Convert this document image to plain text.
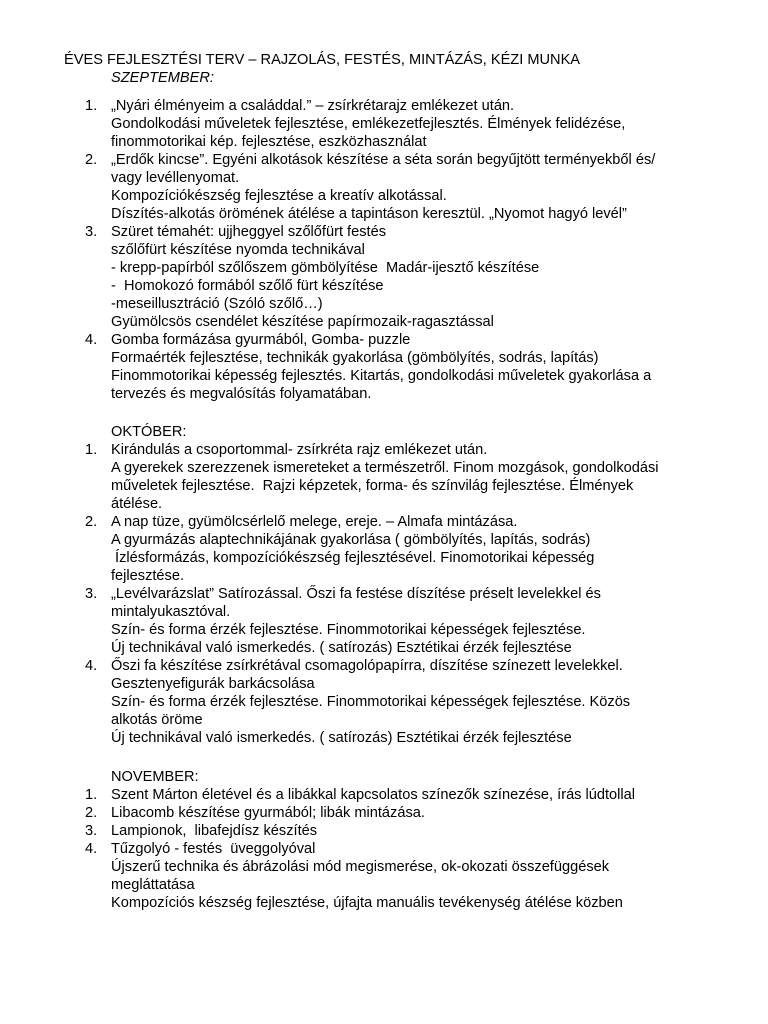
ÉVES FEJLESZTÉSI TERV – RAJZOLÁS, FESTÉS, MINTÁZÁS, KÉZI MUNKA
SZEPTEMBER:
1. „Nyári élményeim a családdal.” – zsírkrétarajz emlékezet után.
Gondolkodási műveletek fejlesztése, emlékezetfejlesztés. Élmények felidézése,
finommotorikai kép. fejlesztése, eszközhasználat
2. „Erdők kincse”. Egyéni alkotások készítése a séta során begyűjtött terményekből és/
vagy levéllenyomat.
Kompozíciókészség fejlesztése a kreatív alkotással.
Díszítés-alkotás örömének átélése a tapintáson keresztül. „Nyomot hagyó levél”
3. Szüret témahét: ujjheggyel szőlőfürt festés
szőlőfürt készítése nyomda technikával
- krepp-papírból szőlőszem gömbölyítése  Madár-ijesztő készítése
-  Homokozó formából szőlő fürt készítése
-meseillusztráció (Szóló szőlő…)
Gyümölcsös csendélet készítése papírmozaik-ragasztással
4. Gomba formázása gyurmából, Gomba- puzzle
Formaérték fejlesztése, technikák gyakorlása (gömbölyítés, sodrás, lapítás)
Finommotorikai képesség fejlesztés. Kitartás, gondolkodási műveletek gyakorlása a
tervezés és megvalósítás folyamatában.
OKTÓBER:
1. Kirándulás a csoportommal- zsírkréta rajz emlékezet után.
A gyerekek szerezzenek ismereteket a természetről. Finom mozgások, gondolkodási
műveletek fejlesztése.  Rajzi képzetek, forma- és színvilág fejlesztése. Élmények
átélése.
2. A nap tüze, gyümölcsérlelő melege, ereje. – Almafa mintázása.
A gyurmázás alaptechnikájának gyakorlása ( gömbölyítés, lapítás, sodrás)
Ízlésformázás, kompozíciókészség fejlesztésével. Finomotorikai képesség
fejlesztése.
3. „Levélvarázslat” Satírozással. Őszi fa festése díszítése préselt levelekkel és
mintalyukasztóval.
Szín- és forma érzék fejlesztése. Finommotorikai képességek fejlesztése.
Új technikával való ismerkedés. ( satírozás) Esztétikai érzék fejlesztése
4. Őszi fa készítése zsírkrétával csomagolópapírra, díszítése színezett levelekkel.
Gesztenyefigurák barkácsolása
Szín- és forma érzék fejlesztése. Finommotorikai képességek fejlesztése. Közös
alkotás öröme
Új technikával való ismerkedés. ( satírozás) Esztétikai érzék fejlesztése
NOVEMBER:
1. Szent Márton életével és a libákkal kapcsolatos színezők színezése, írás lúdtollal
2. Libacomb készítése gyurmából; libák mintázása.
3. Lampionok,  libafejdísz készítés
4. Tűzgolyó - festés  üveggolyóval
Újszerű technika és ábrázolási mód megismerése, ok-okozati összefüggések
megláttatása
Kompozíciós készség fejlesztése, újfajta manuális tevékenység átélése közben
